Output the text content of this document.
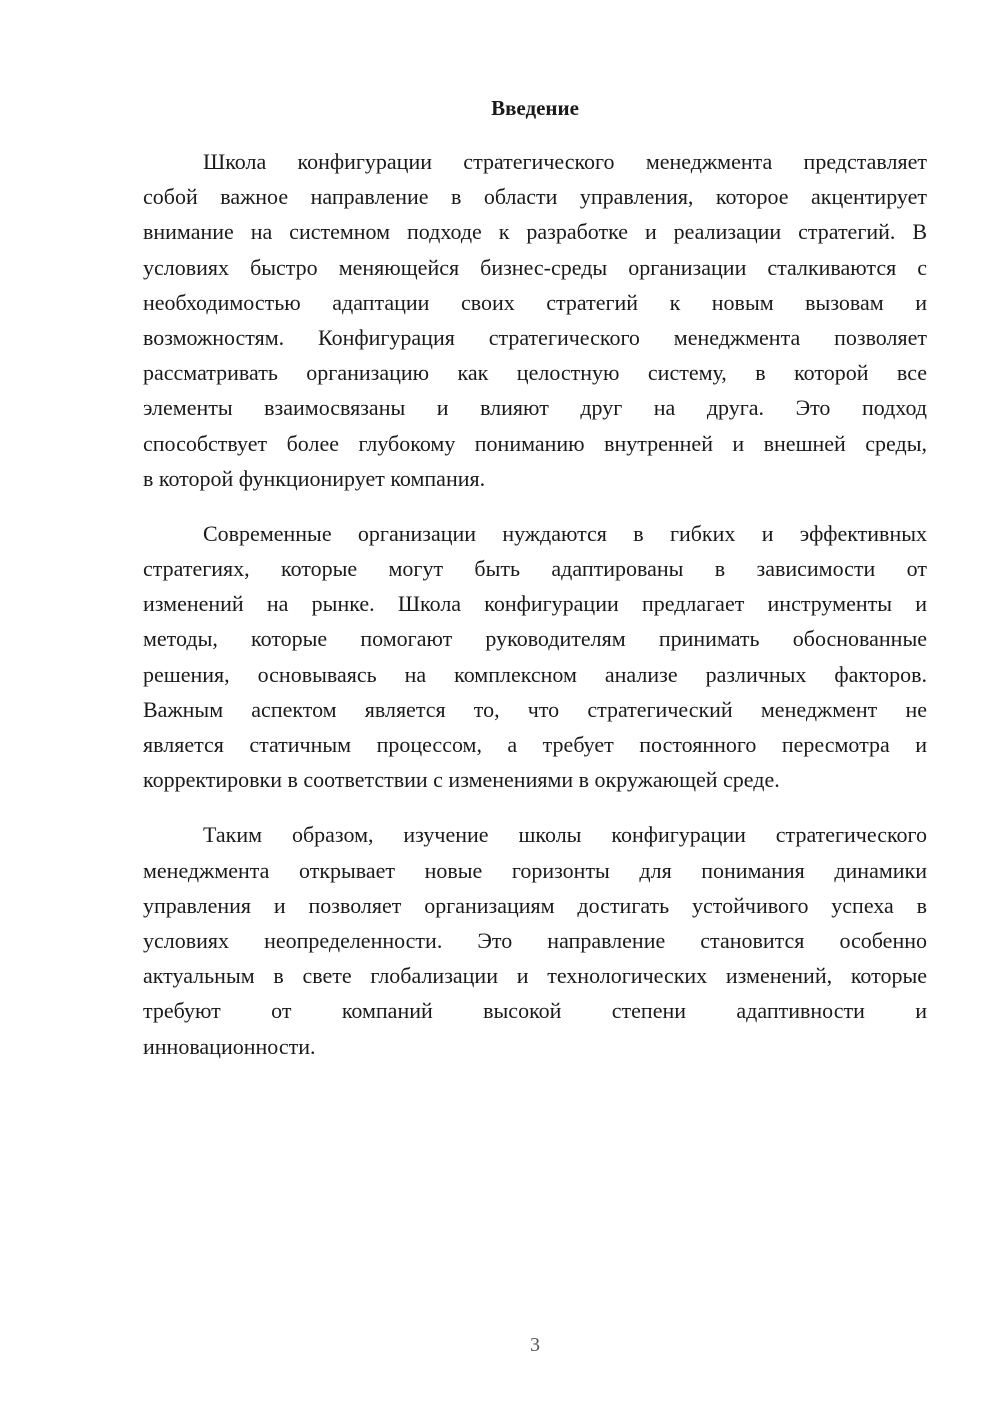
Введение
Школа конфигурации стратегического менеджмента представляет
собой важное направление в области управления, которое акцентирует
внимание на системном подходе к разработке и реализации стратегий. В
условиях быстро меняющейся бизнес-среды организации сталкиваются с
необходимостью адаптации своих стратегий к новым вызовам и
возможностям. Конфигурация стратегического менеджмента позволяет
рассматривать организацию как целостную систему, в которой все
элементы взаимосвязаны и влияют друг на друга. Это подход
способствует более глубокому пониманию внутренней и внешней среды,
в которой функционирует компания.
Современные организации нуждаются в гибких и эффективных
стратегиях, которые могут быть адаптированы в зависимости от
изменений на рынке. Школа конфигурации предлагает инструменты и
методы, которые помогают руководителям принимать обоснованные
решения, основываясь на комплексном анализе различных факторов.
Важным аспектом является то, что стратегический менеджмент не
является статичным процессом, а требует постоянного пересмотра и
корректировки в соответствии с изменениями в окружающей среде.
Таким образом, изучение школы конфигурации стратегического
менеджмента открывает новые горизонты для понимания динамики
управления и позволяет организациям достигать устойчивого успеха в
условиях неопределенности. Это направление становится особенно
актуальным в свете глобализации и технологических изменений, которые
требуют от компаний высокой степени адаптивности и
инновационности.
3
